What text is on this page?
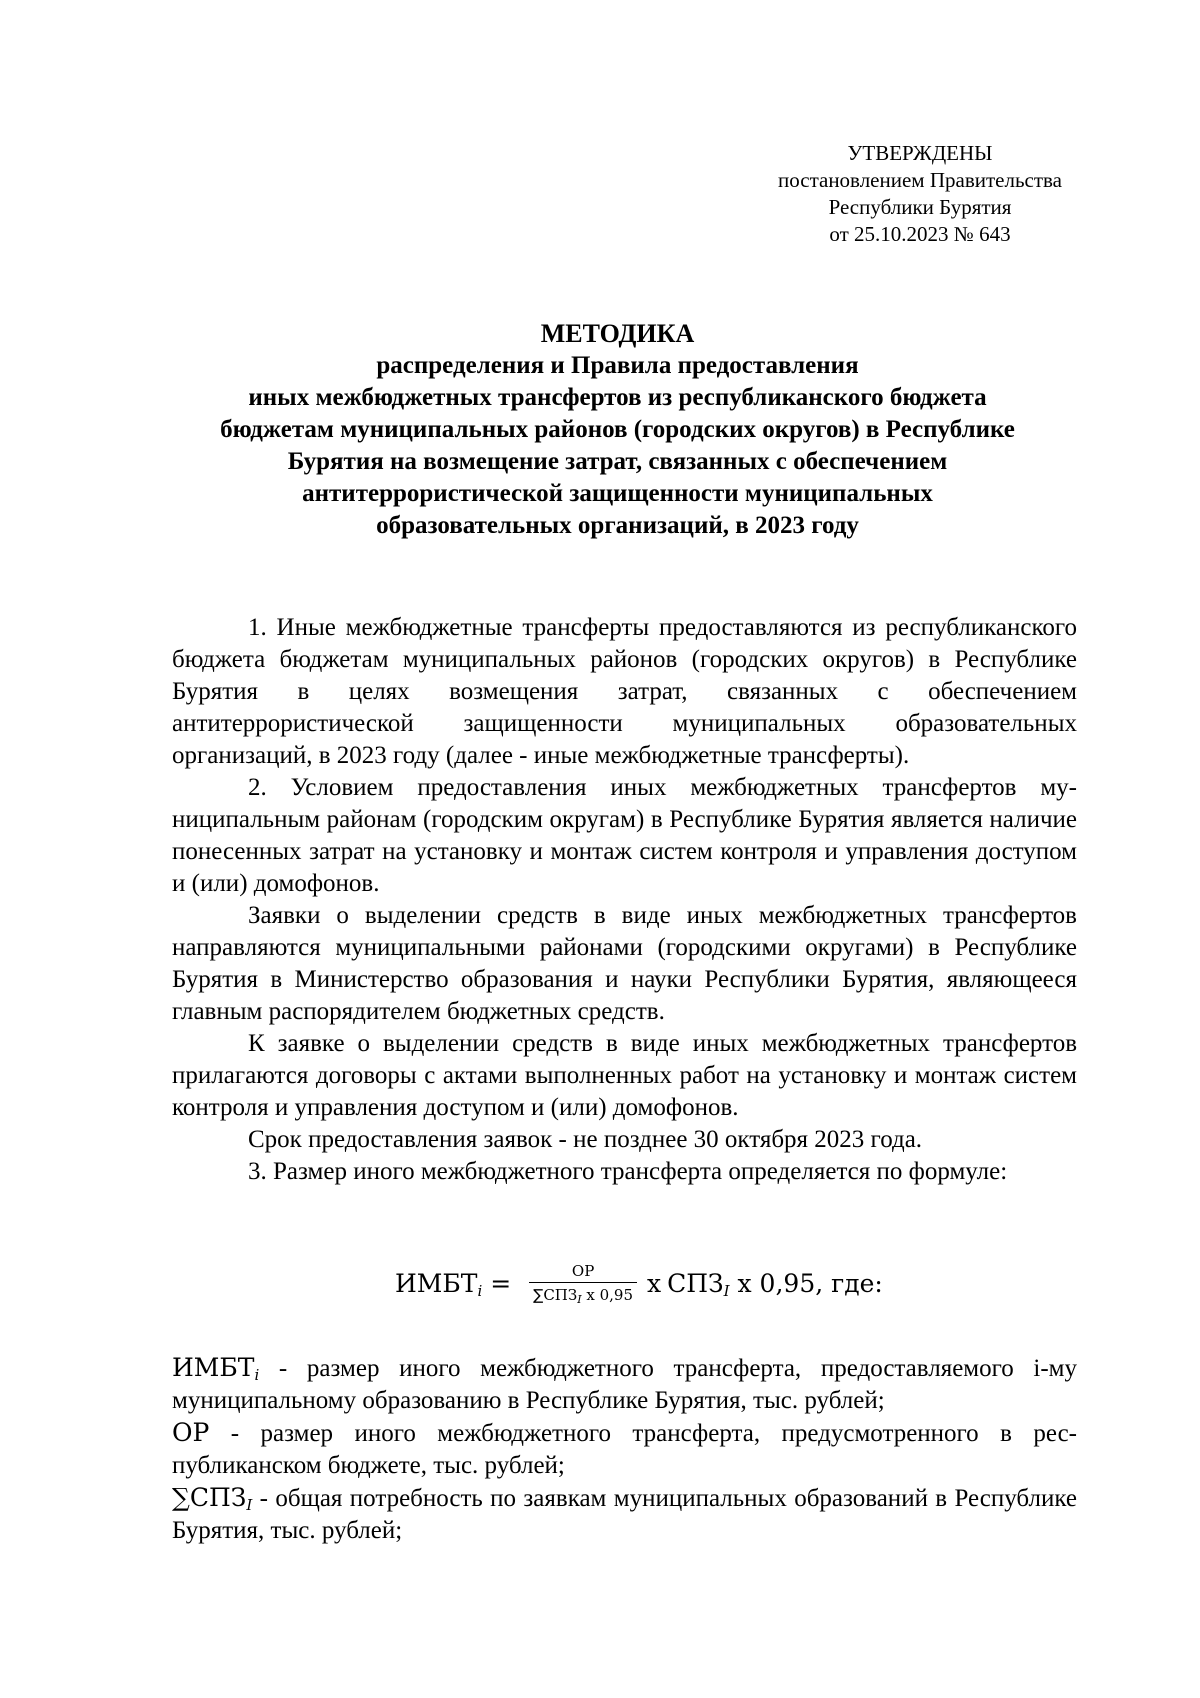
УТВЕРЖДЕНЫ
постановлением Правительства
Республики Бурятия
от 25.10.2023 № 643
МЕТОДИКА
распределения и Правила предоставления
иных межбюджетных трансфертов из республиканского бюджета
бюджетам муниципальных районов (городских округов) в Республике
Бурятия на возмещение затрат, связанных с обеспечением
антитеррористической защищенности муниципальных
образовательных организаций, в 2023 году

1. Иные межбюджетные трансферты предоставляются из республиканского бюджета бюджетам муниципальных районов (городских округов) в Республике Бурятия в целях возмещения затрат, связанных с обеспечением антитеррористической защищенности муниципальных образовательных организаций, в 2023 году (далее - иные межбюджетные трансферты).

2. Условием предоставления иных межбюджетных трансфертов муниципальным районам (городским округам) в Республике Бурятия является наличие понесенных затрат на установку и монтаж систем контроля и управления доступом и (или) домофонов.

Заявки о выделении средств в виде иных межбюджетных трансфертов направляются муниципальными районами (городскими округами) в Республике Бурятия в Министерство образования и науки Республики Бурятия, являющееся главным распорядителем бюджетных средств.

К заявке о выделении средств в виде иных межбюджетных трансфертов прилагаются договоры с актами выполненных работ на установку и монтаж систем контроля и управления доступом и (или) домофонов.

Срок предоставления заявок - не позднее 30 октября 2023 года.

3. Размер иного межбюджетного трансферта определяется по формуле:

$ИМБТ_i = \frac{ОР}{\sum СПЗ_I x 0,95}$ x $СПЗ_I$ x 0,95, где:

$ИМБТ_i$ - размер иного межбюджетного трансферта, предоставляемого i-му муниципальному образованию в Республике Бурятия, тыс. рублей;

ОР - размер иного межбюджетного трансферта, предусмотренного в республиканском бюджете, тыс. рублей;

$\sum СПЗ_I$ - общая потребность по заявкам муниципальных образований в Республике Бурятия, тыс. рублей;
